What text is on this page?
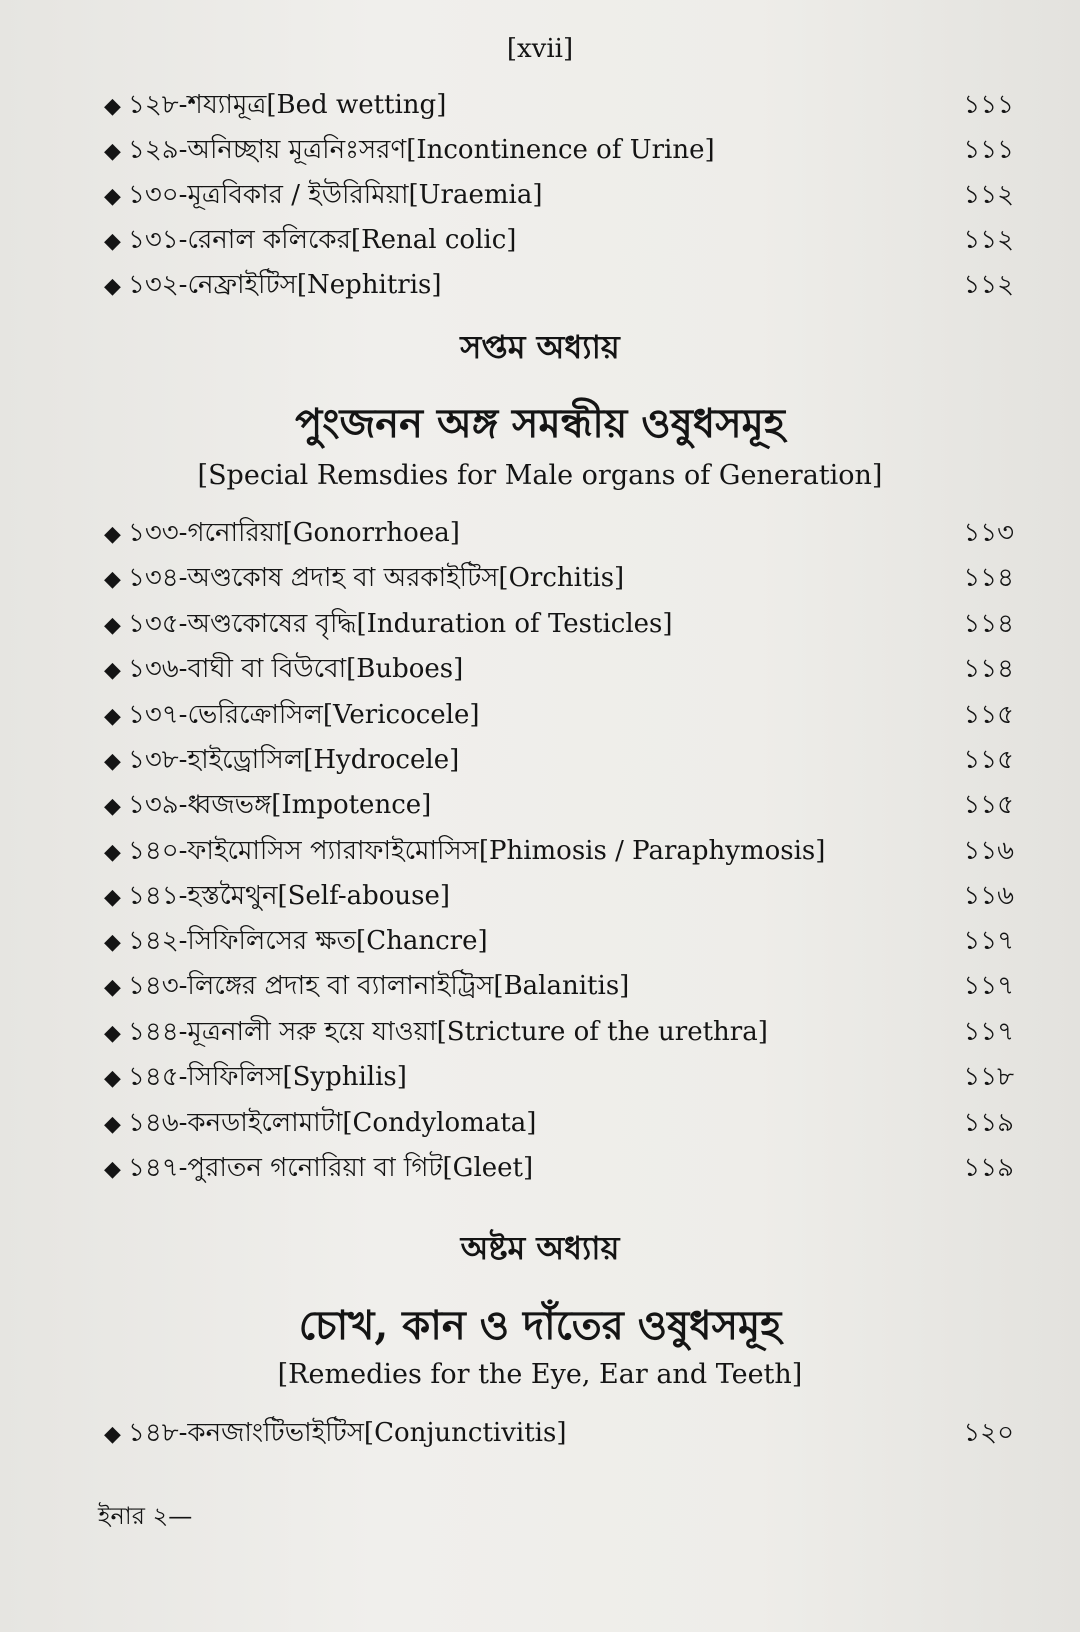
[xvii]
◆ ১২৮-শয্যামূত্র[Bed wetting]	১১১
◆ ১২৯-অনিচ্ছায় মূত্রনিঃসরণ[Incontinence of Urine]	১১১
◆ ১৩০-মূত্রবিকার / ইউরিমিয়া[Uraemia]	১১২
◆ ১৩১-রেনাল কলিকের[Renal colic]	১১২
◆ ১৩২-নেফ্রাইটিস[Nephitris]	১১২
সপ্তম অধ্যায়
পুংজনন অঙ্গ সমন্ধীয় ওষুধসমূহ
[Special Remsdies for Male organs of Generation]
◆ ১৩৩-গনোরিয়া[Gonorrhoea]	১১৩
◆ ১৩৪-অণ্ডকোষ প্রদাহ বা অরকাইটিস[Orchitis]	১১৪
◆ ১৩৫-অণ্ডকোষের বৃদ্ধি[Induration of Testicles]	১১৪
◆ ১৩৬-বাঘী বা বিউবো[Buboes]	১১৪
◆ ১৩৭-ভেরিক্রোসিল[Vericocele]	১১৫
◆ ১৩৮-হাইড্রোসিল[Hydrocele]	১১৫
◆ ১৩৯-ধ্বজভঙ্গ[Impotence]	১১৫
◆ ১৪০-ফাইমোসিস প্যারাফাইমোসিস[Phimosis / Paraphymosis]	১১৬
◆ ১৪১-হস্তমৈথুন[Self-abouse]	১১৬
◆ ১৪২-সিফিলিসের ক্ষত[Chancre]	১১৭
◆ ১৪৩-লিঙ্গের প্রদাহ বা ব্যালানাইট্রিস[Balanitis]	১১৭
◆ ১৪৪-মূত্রনালী সরু হয়ে যাওয়া[Stricture of the urethra]	১১৭
◆ ১৪৫-সিফিলিস[Syphilis]	১১৮
◆ ১৪৬-কনডাইলোমাটা[Condylomata]	১১৯
◆ ১৪৭-পুরাতন গনোরিয়া বা গিট[Gleet]	১১৯
অষ্টম অধ্যায়
চোখ, কান ও দাঁতের ওষুধসমূহ
[Remedies for the Eye, Ear and Teeth]
◆ ১৪৮-কনজাংটিভাইটিস[Conjunctivitis]	১২০
ইনার ২—
